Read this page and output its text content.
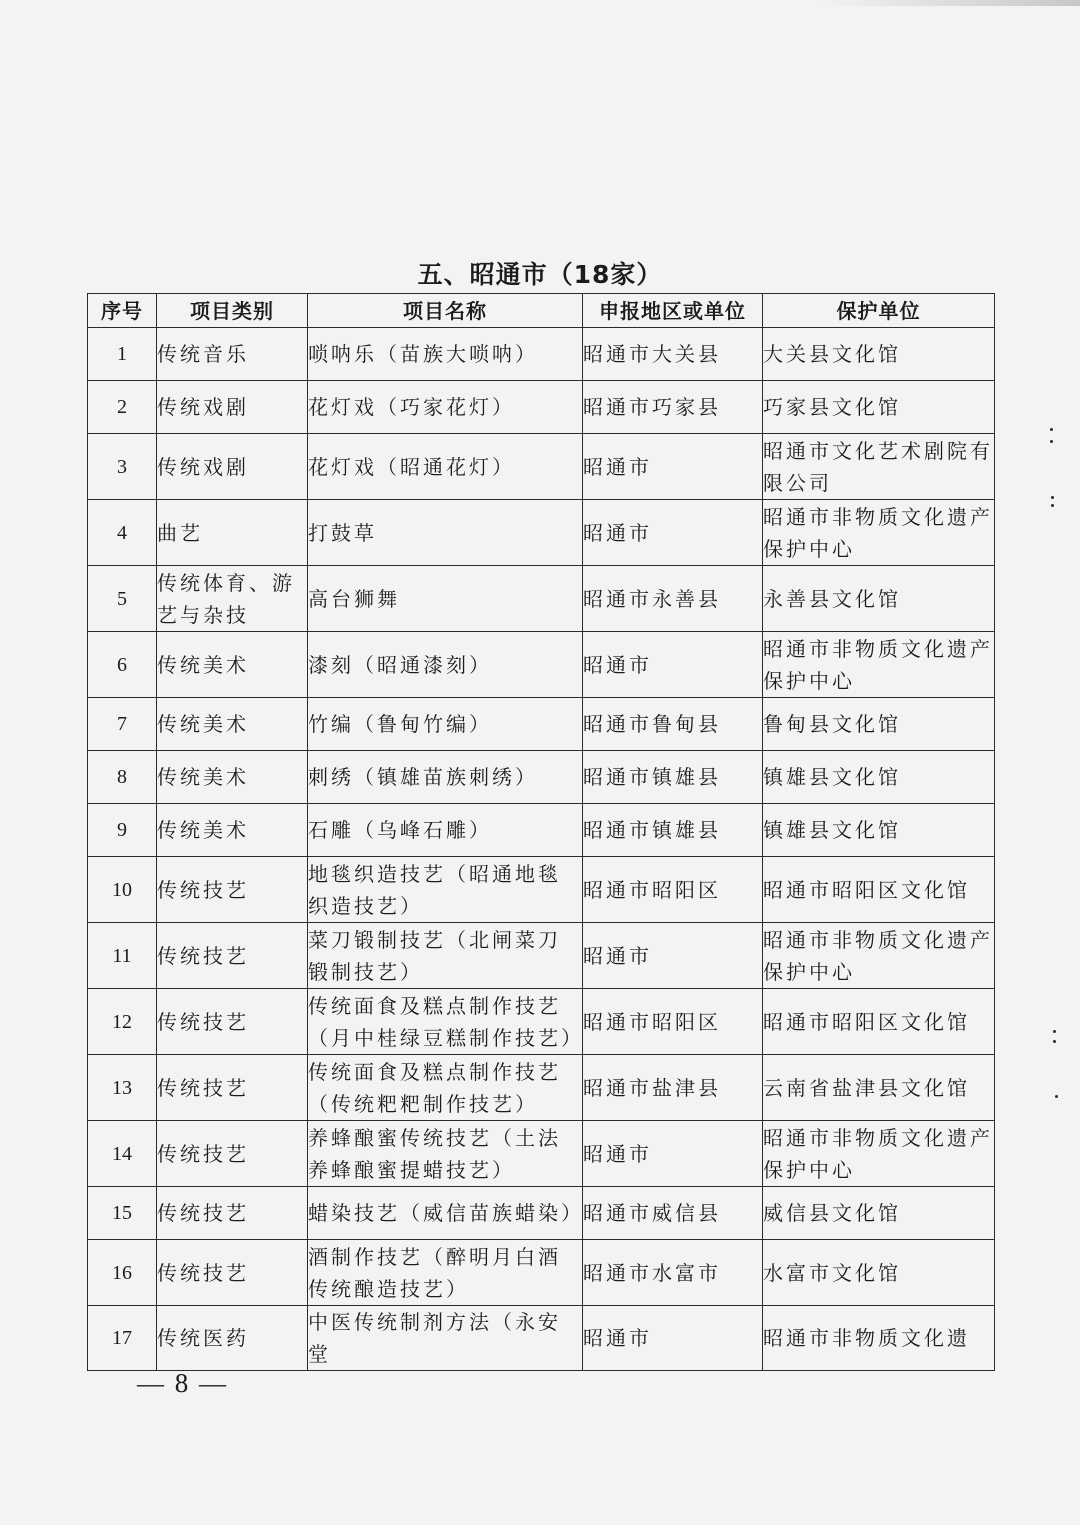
五、昭通市（18家）
序号	项目类别	项目名称	申报地区或单位	保护单位
1	传统音乐	唢呐乐（苗族大唢呐）	昭通市大关县	大关县文化馆
2	传统戏剧	花灯戏（巧家花灯）	昭通市巧家县	巧家县文化馆
3	传统戏剧	花灯戏（昭通花灯）	昭通市	昭通市文化艺术剧院有限公司
4	曲艺	打鼓草	昭通市	昭通市非物质文化遗产保护中心
5	传统体育、游艺与杂技	高台狮舞	昭通市永善县	永善县文化馆
6	传统美术	漆刻（昭通漆刻）	昭通市	昭通市非物质文化遗产保护中心
7	传统美术	竹编（鲁甸竹编）	昭通市鲁甸县	鲁甸县文化馆
8	传统美术	刺绣（镇雄苗族刺绣）	昭通市镇雄县	镇雄县文化馆
9	传统美术	石雕（乌峰石雕）	昭通市镇雄县	镇雄县文化馆
10	传统技艺	地毯织造技艺（昭通地毯织造技艺）	昭通市昭阳区	昭通市昭阳区文化馆
11	传统技艺	菜刀锻制技艺（北闸菜刀锻制技艺）	昭通市	昭通市非物质文化遗产保护中心
12	传统技艺	传统面食及糕点制作技艺（月中桂绿豆糕制作技艺）	昭通市昭阳区	昭通市昭阳区文化馆
13	传统技艺	传统面食及糕点制作技艺（传统粑粑制作技艺）	昭通市盐津县	云南省盐津县文化馆
14	传统技艺	养蜂酿蜜传统技艺（土法养蜂酿蜜提蜡技艺）	昭通市	昭通市非物质文化遗产保护中心
15	传统技艺	蜡染技艺（威信苗族蜡染）	昭通市威信县	威信县文化馆
16	传统技艺	酒制作技艺（醉明月白酒传统酿造技艺）	昭通市水富市	水富市文化馆
17	传统医药	中医传统制剂方法（永安堂	昭通市	昭通市非物质文化遗
— 8 —
